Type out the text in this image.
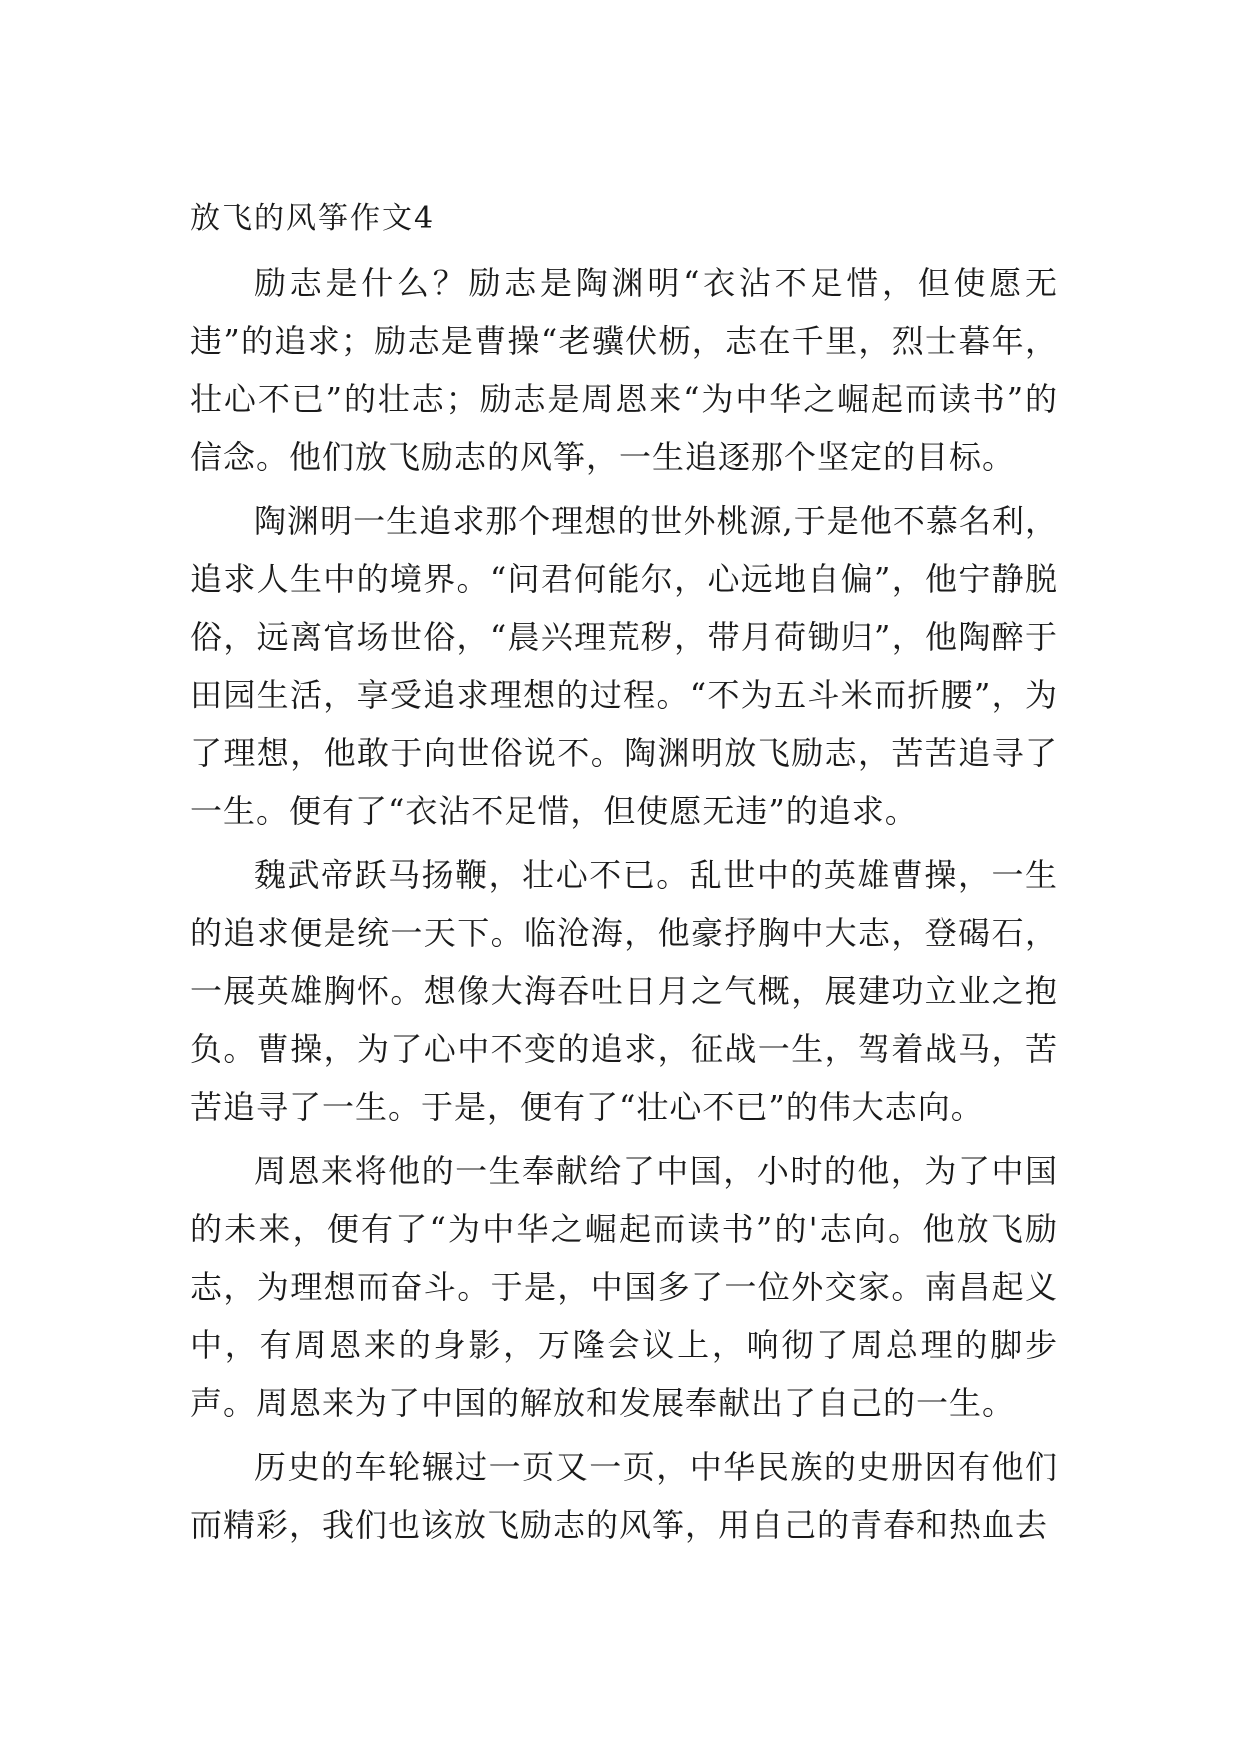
放飞的风筝作文4

励志是什么？励志是陶渊明“衣沾不足惜，但使愿无违”的追求；励志是曹操“老骥伏枥，志在千里，烈士暮年，壮心不已”的壮志；励志是周恩来“为中华之崛起而读书”的信念。他们放飞励志的风筝，一生追逐那个坚定的目标。

陶渊明一生追求那个理想的世外桃源,于是他不慕名利，追求人生中的境界。“问君何能尔，心远地自偏”，他宁静脱俗，远离官场世俗，“晨兴理荒秽，带月荷锄归”，他陶醉于田园生活，享受追求理想的过程。“不为五斗米而折腰”，为了理想，他敢于向世俗说不。陶渊明放飞励志，苦苦追寻了一生。便有了“衣沾不足惜，但使愿无违”的追求。

魏武帝跃马扬鞭，壮心不已。乱世中的英雄曹操，一生的追求便是统一天下。临沧海，他豪抒胸中大志，登碣石，一展英雄胸怀。想像大海吞吐日月之气概，展建功立业之抱负。曹操，为了心中不变的追求，征战一生，驾着战马，苦苦追寻了一生。于是，便有了“壮心不已”的伟大志向。

周恩来将他的一生奉献给了中国，小时的他，为了中国的未来，便有了“为中华之崛起而读书”的'志向。他放飞励志，为理想而奋斗。于是，中国多了一位外交家。南昌起义中，有周恩来的身影，万隆会议上，响彻了周总理的脚步声。周恩来为了中国的解放和发展奉献出了自己的一生。

历史的车轮辗过一页又一页，中华民族的史册因有他们而精彩，我们也该放飞励志的风筝，用自己的青春和热血去
